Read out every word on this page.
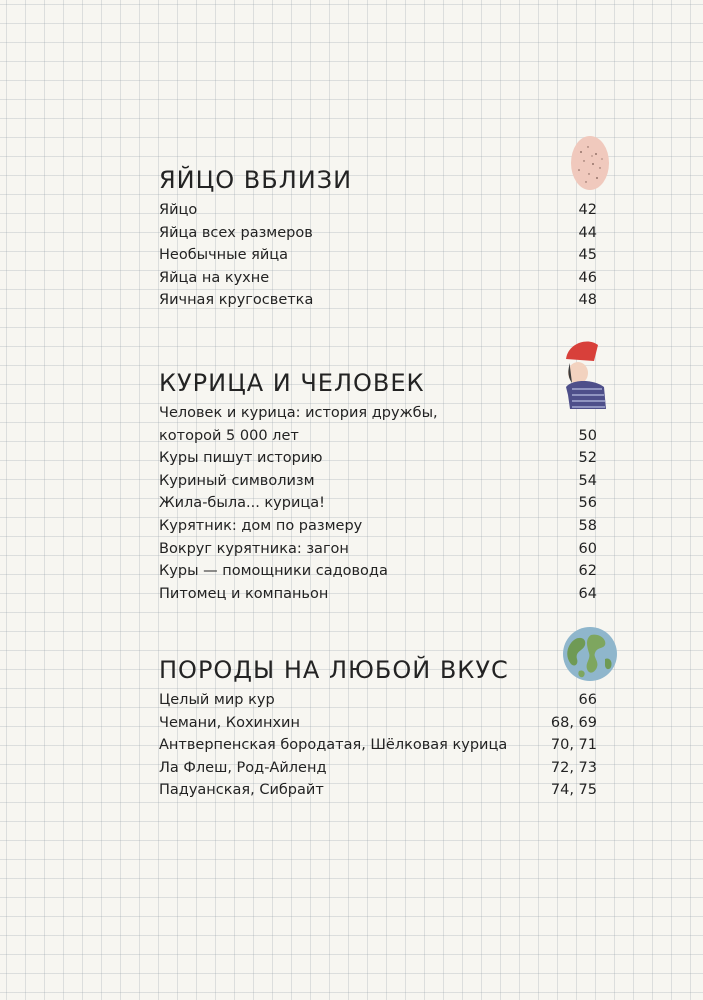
ЯЙЦО ВБЛИЗИ
Яйцо	42
Яйца всех размеров	44
Необычные яйца	45
Яйца на кухне	46
Яичная кругосветка	48
КУРИЦА И ЧЕЛОВЕК
Человек и курица: история дружбы,
которой 5 000 лет	50
Куры пишут историю	52
Куриный символизм	54
Жила-была... курица!	56
Курятник: дом по размеру	58
Вокруг курятника: загон	60
Куры — помощники садовода	62
Питомец и компаньон	64
ПОРОДЫ НА ЛЮБОЙ ВКУС
Целый мир кур	66
Чемани, Кохинхин	68, 69
Антверпенская бородатая, Шёлковая курица	70, 71
Ла Флеш, Род-Айленд	72, 73
Падуанская, Сибрайт	74, 75
